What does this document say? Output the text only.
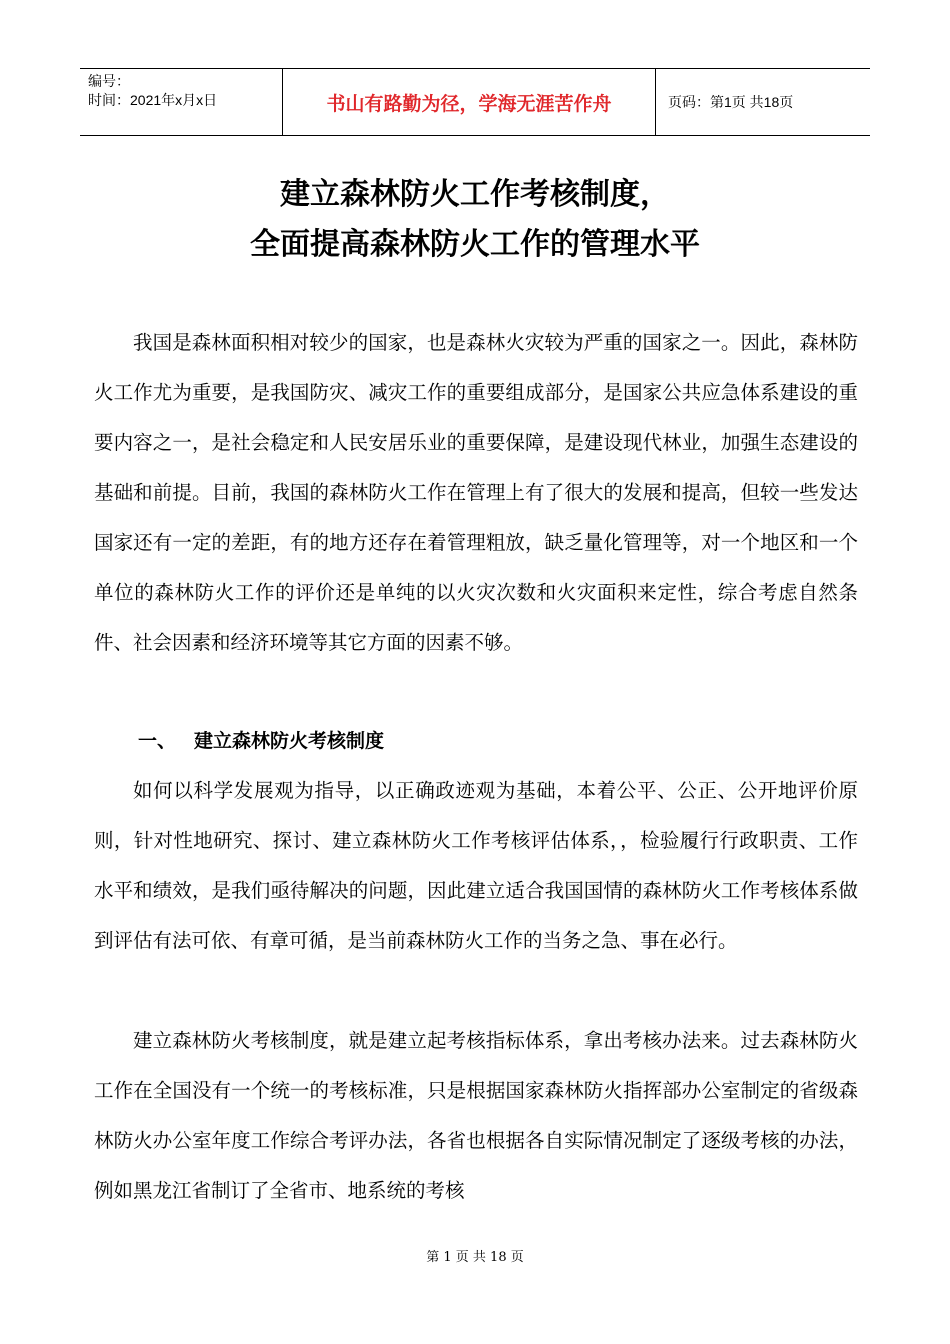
编号：
时间：2021年x月x日	书山有路勤为径，学海无涯苦作舟	页码：第1页 共18页
建立森林防火工作考核制度，
全面提高森林防火工作的管理水平

我国是森林面积相对较少的国家，也是森林火灾较为严重的国家之一。因此，森林防火工作尤为重要，是我国防灾、减灾工作的重要组成部分，是国家公共应急体系建设的重要内容之一，是社会稳定和人民安居乐业的重要保障，是建设现代林业，加强生态建设的基础和前提。目前，我国的森林防火工作在管理上有了很大的发展和提高，但较一些发达国家还有一定的差距，有的地方还存在着管理粗放，缺乏量化管理等，对一个地区和一个单位的森林防火工作的评价还是单纯的以火灾次数和火灾面积来定性，综合考虑自然条件、社会因素和经济环境等其它方面的因素不够。

一、 建立森林防火考核制度

如何以科学发展观为指导，以正确政迹观为基础，本着公平、公正、公开地评价原则，针对性地研究、探讨、建立森林防火工作考核评估体系，，检验履行行政职责、工作水平和绩效，是我们亟待解决的问题，因此建立适合我国国情的森林防火工作考核体系做到评估有法可依、有章可循，是当前森林防火工作的当务之急、事在必行。

建立森林防火考核制度，就是建立起考核指标体系，拿出考核办法来。过去森林防火工作在全国没有一个统一的考核标准，只是根据国家森林防火指挥部办公室制定的省级森林防火办公室年度工作综合考评办法，各省也根据各自实际情况制定了逐级考核的办法，例如黑龙江省制订了全省市、地系统的考核

第 1 页 共 18 页
